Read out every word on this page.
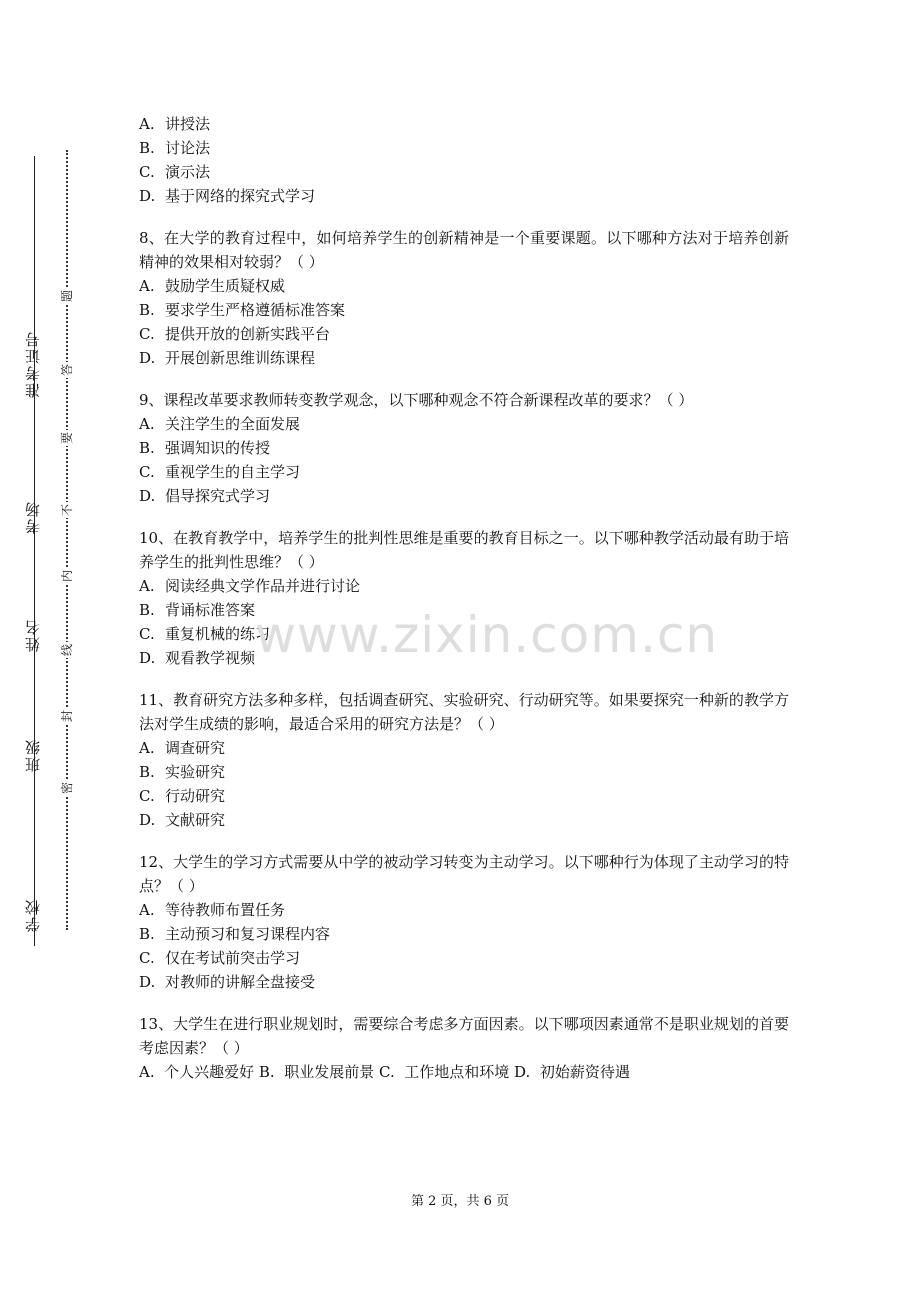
准考证号
考场
姓名
班级
学校
题
答
要
不
内
线
封
密
A. 讲授法
B. 讨论法
C. 演示法
D. 基于网络的探究式学习
8、在大学的教育过程中，如何培养学生的创新精神是一个重要课题。以下哪种方法对于培养创新精神的效果相对较弱？（ ）
A. 鼓励学生质疑权威
B. 要求学生严格遵循标准答案
C. 提供开放的创新实践平台
D. 开展创新思维训练课程
9、课程改革要求教师转变教学观念，以下哪种观念不符合新课程改革的要求？（ ）
A. 关注学生的全面发展
B. 强调知识的传授
C. 重视学生的自主学习
D. 倡导探究式学习
10、在教育教学中，培养学生的批判性思维是重要的教育目标之一。以下哪种教学活动最有助于培养学生的批判性思维？（ ）
A. 阅读经典文学作品并进行讨论
B. 背诵标准答案
C. 重复机械的练习
D. 观看教学视频
11、教育研究方法多种多样，包括调查研究、实验研究、行动研究等。如果要探究一种新的教学方法对学生成绩的影响，最适合采用的研究方法是？（ ）
A. 调查研究
B. 实验研究
C. 行动研究
D. 文献研究
12、大学生的学习方式需要从中学的被动学习转变为主动学习。以下哪种行为体现了主动学习的特点？（ ）
A. 等待教师布置任务
B. 主动预习和复习课程内容
C. 仅在考试前突击学习
D. 对教师的讲解全盘接受
13、大学生在进行职业规划时，需要综合考虑多方面因素。以下哪项因素通常不是职业规划的首要考虑因素？（ ）
A.  个人兴趣爱好 B.  职业发展前景 C.  工作地点和环境 D.  初始薪资待遇
www.zixin.com.cn
第 2 页，共 6 页
